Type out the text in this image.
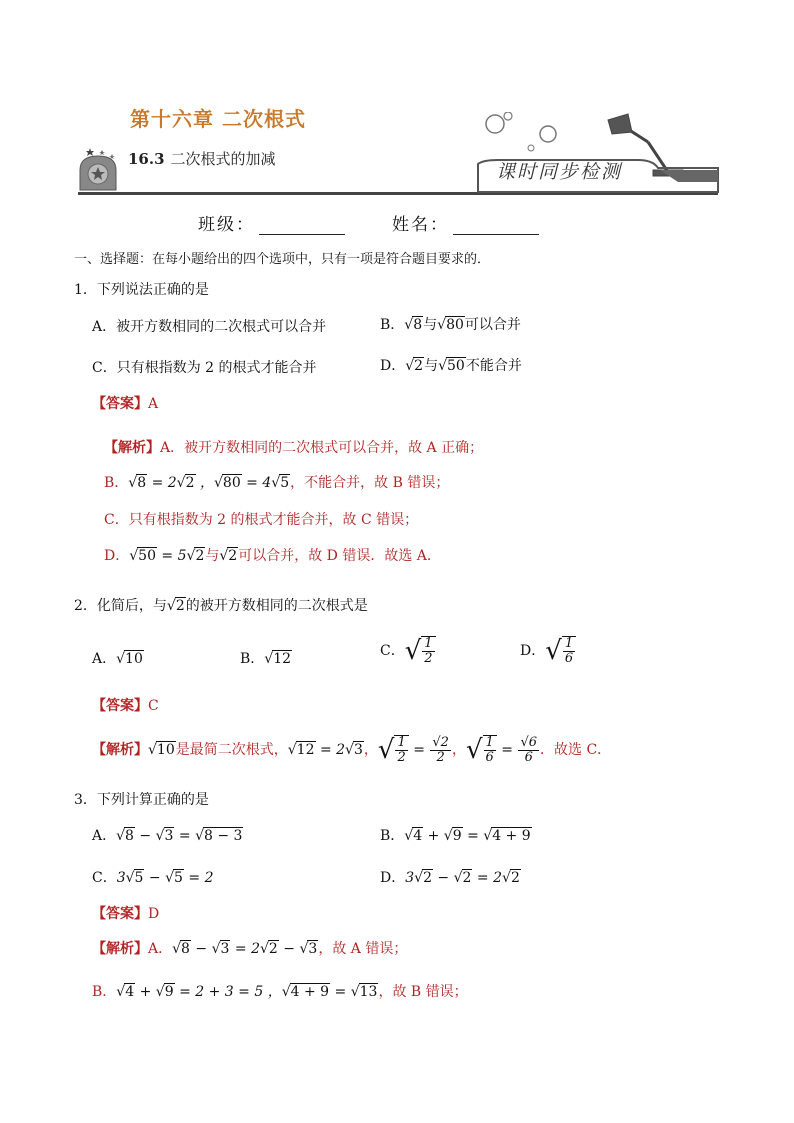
第十六章 二次根式
16.3 二次根式的加减
课时同步检测
班级：	姓名：
一、选择题：在每小题给出的四个选项中，只有一项是符合题目要求的．
1．下列说法正确的是
A．被开方数相同的二次根式可以合并	B．√8与√80可以合并
C．只有根指数为 2 的根式才能合并	D．√2与√50不能合并
【答案】A
【解析】A．被开方数相同的二次根式可以合并，故 A 正确；
B．√8 = 2√2 ，√80 = 4√5，不能合并，故 B 错误；
C．只有根指数为 2 的根式才能合并，故 C 错误；
D．√50 = 5√2与√2可以合并，故 D 错误．故选 A．
2．化简后，与√2的被开方数相同的二次根式是
A．√10	B．√12	C． √ $\frac{1}{2}$	D． √ $\frac{1}{6}$
【答案】C
【解析】√10是最简二次根式，√12 = 2√3， √ $\frac{1}{2} = \frac{√2}{2}$ ， √ $\frac{1}{6} = \frac{√6}{6}$ ．故选 C．
3．下列计算正确的是
A．√8 − √3 = √8 − 3	B．√4 + √9 = √4 + 9
C．3√5 − √5 = 2	D．3√2 − √2 = 2√2
【答案】D
【解析】A．√8 − √3 = 2√2 − √3，故 A 错误；
B．√4 + √9 = 2 + 3 = 5 ，√4 + 9 = √13，故 B 错误；
